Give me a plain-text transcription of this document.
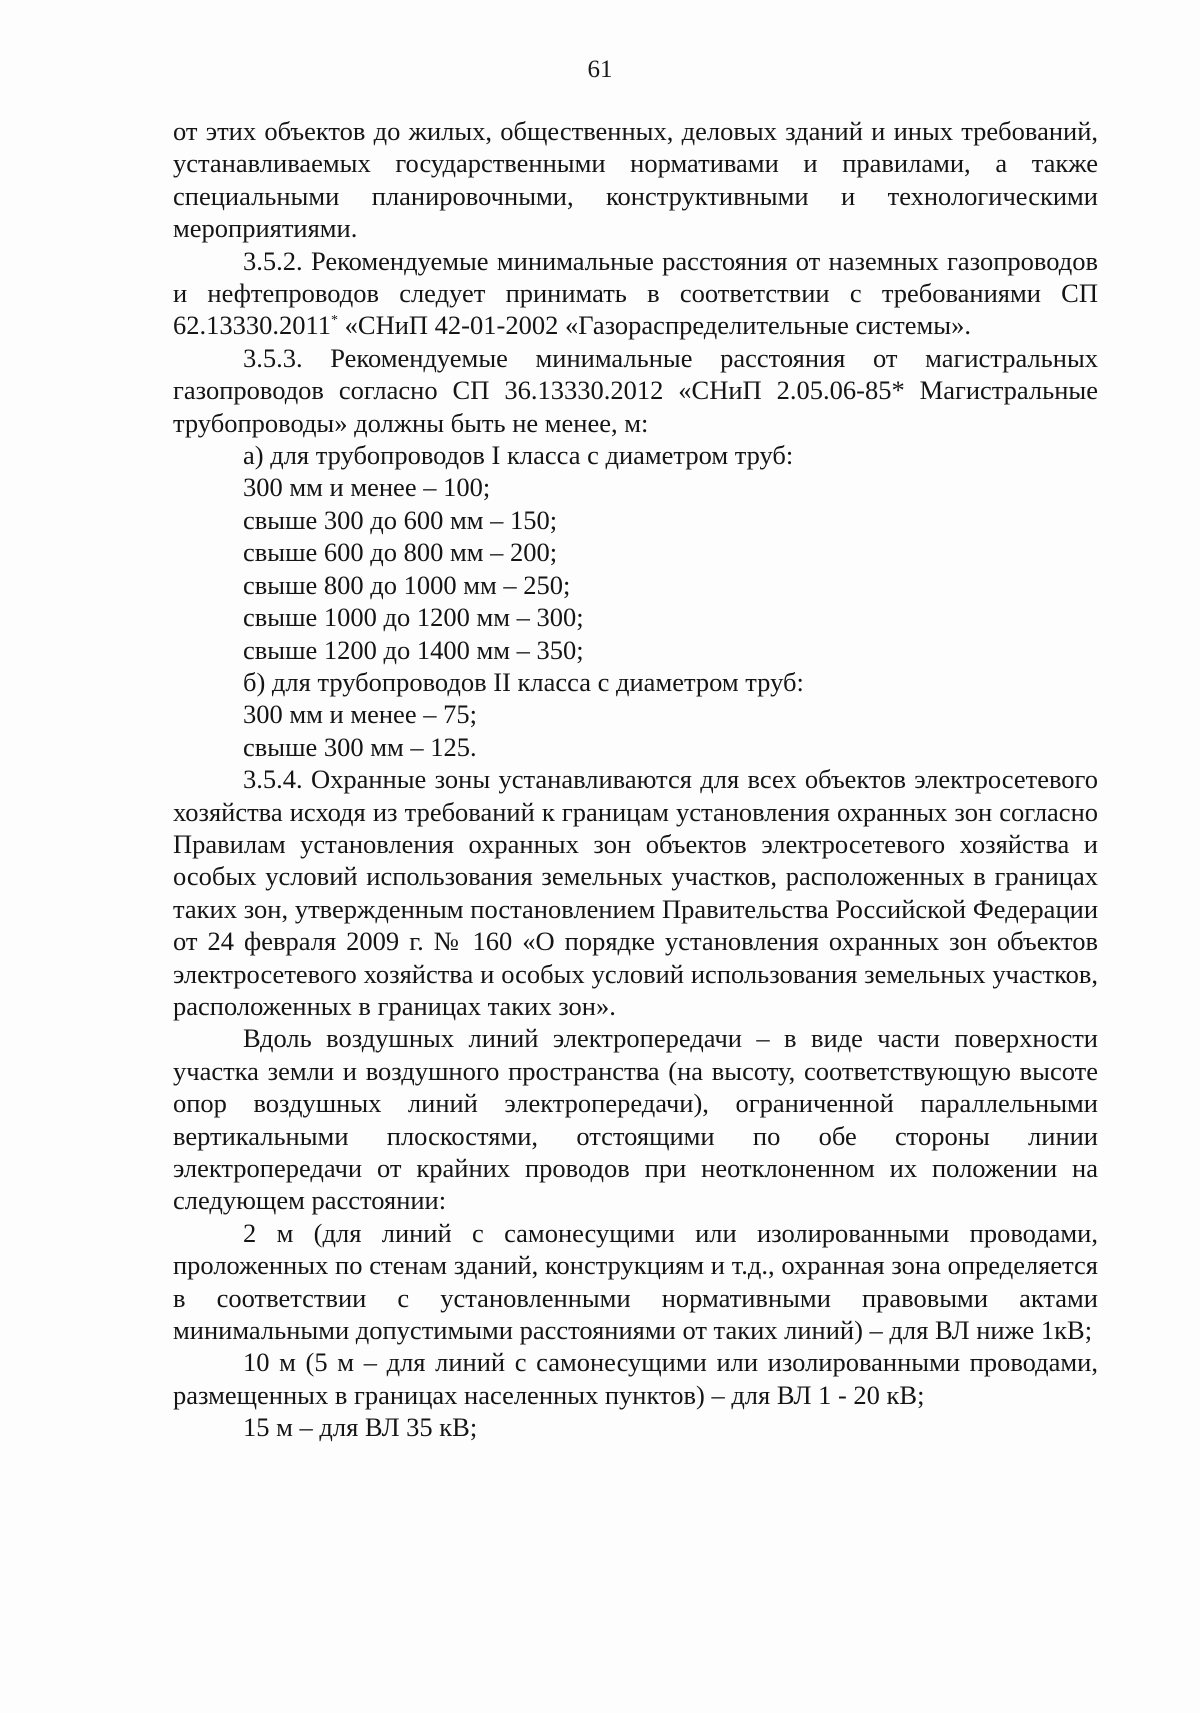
61

от этих объектов до жилых, общественных, деловых зданий и иных требований, устанавливаемых государственными нормативами и правилами, а также специальными планировочными, конструктивными и технологическими мероприятиями.

3.5.2. Рекомендуемые минимальные расстояния от наземных газопроводов и нефтепроводов следует принимать в соответствии с требованиями СП 62.13330.2011* «СНиП 42-01-2002 «Газораспределительные системы».

3.5.3. Рекомендуемые минимальные расстояния от магистральных газопроводов согласно СП 36.13330.2012 «СНиП 2.05.06-85* Магистральные трубопроводы» должны быть не менее, м:

а) для трубопроводов I класса с диаметром труб:

300 мм и менее – 100;

свыше 300 до 600 мм – 150;

свыше 600 до 800 мм – 200;

свыше 800 до 1000 мм – 250;

свыше 1000 до 1200 мм – 300;

свыше 1200 до 1400 мм – 350;

б) для трубопроводов II класса с диаметром труб:

300 мм и менее – 75;

свыше 300 мм – 125.

3.5.4. Охранные зоны устанавливаются для всех объектов электросетевого хозяйства исходя из требований к границам установления охранных зон согласно Правилам установления охранных зон объектов электросетевого хозяйства и особых условий использования земельных участков, расположенных в границах таких зон, утвержденным постановлением Правительства Российской Федерации от 24 февраля 2009 г. № 160 «О порядке установления охранных зон объектов электросетевого хозяйства и особых условий использования земельных участков, расположенных в границах таких зон».

Вдоль воздушных линий электропередачи – в виде части поверхности участка земли и воздушного пространства (на высоту, соответствующую высоте опор воздушных линий электропередачи), ограниченной параллельными вертикальными плоскостями, отстоящими по обе стороны линии электропередачи от крайних проводов при неотклоненном их положении на следующем расстоянии:

2 м (для линий с самонесущими или изолированными проводами, проложенных по стенам зданий, конструкциям и т.д., охранная зона определяется в соответствии с установленными нормативными правовыми актами минимальными допустимыми расстояниями от таких линий) – для ВЛ ниже 1кВ;

10 м (5 м – для линий с самонесущими или изолированными проводами, размещенных в границах населенных пунктов) – для ВЛ 1 - 20 кВ;

15 м – для ВЛ 35 кВ;
